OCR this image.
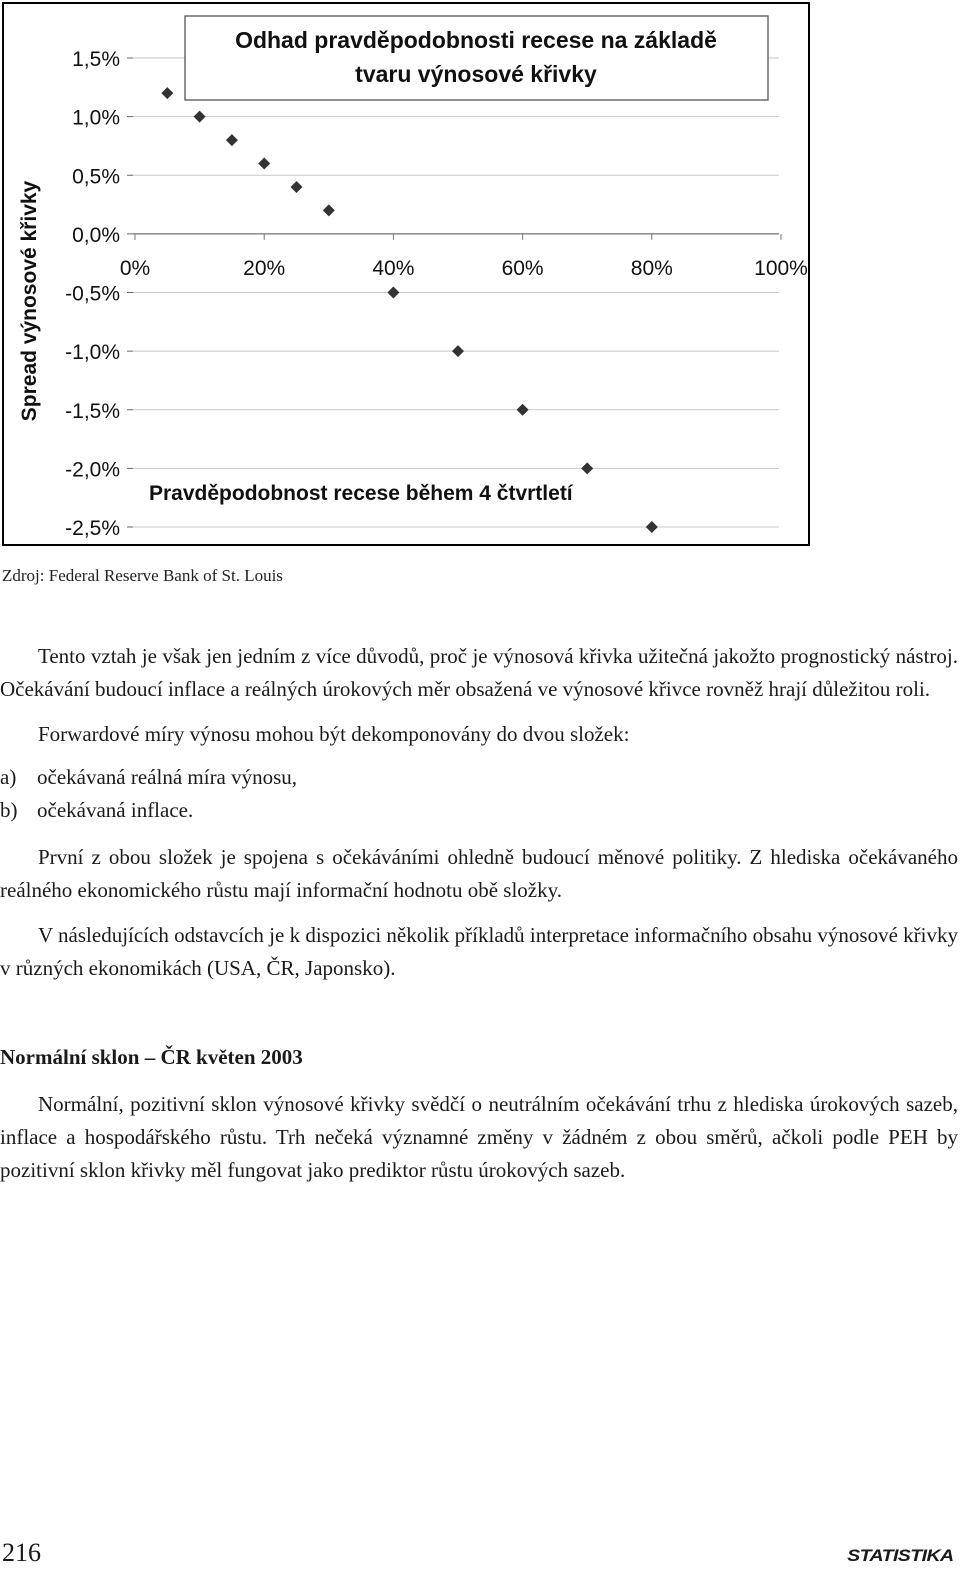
1,5%
1,0%
0,5%
0,0%
-0,5%
-1,0%
-1,5%
-2,0%
-2,5%
0%	20%	40%	60%	80%	100%
Spread výnosové křivky
Pravděpodobnost recese během 4 čtvrtletí
Odhad pravděpodobnosti recese na základě
tvaru výnosové křivky

Zdroj: Federal Reserve Bank of St. Louis

Tento vztah je však jen jedním z více důvodů, proč je výnosová křivka užitečná jakožto prognostický nástroj. Očekávání budoucí inflace a reálných úrokových měr obsažená ve výnosové křivce rovněž hrají důležitou roli.

Forwardové míry výnosu mohou být dekomponovány do dvou složek:

a) očekávaná reálná míra výnosu,
b) očekávaná inflace.

První z obou složek je spojena s očekáváními ohledně budoucí měnové politiky. Z hlediska očekávaného reálného ekonomického růstu mají informační hodnotu obě složky.

V následujících odstavcích je k dispozici několik příkladů interpretace informačního obsahu výnosové křivky v různých ekonomikách (USA, ČR, Japonsko).

Normální sklon – ČR květen 2003

Normální, pozitivní sklon výnosové křivky svědčí o neutrálním očekávání trhu z hlediska úrokových sazeb, inflace a hospodářského růstu. Trh nečeká významné změny v žádném z obou směrů, ačkoli podle PEH by pozitivní sklon křivky měl fungovat jako prediktor růstu úrokových sazeb.

216	STATISTIKA
